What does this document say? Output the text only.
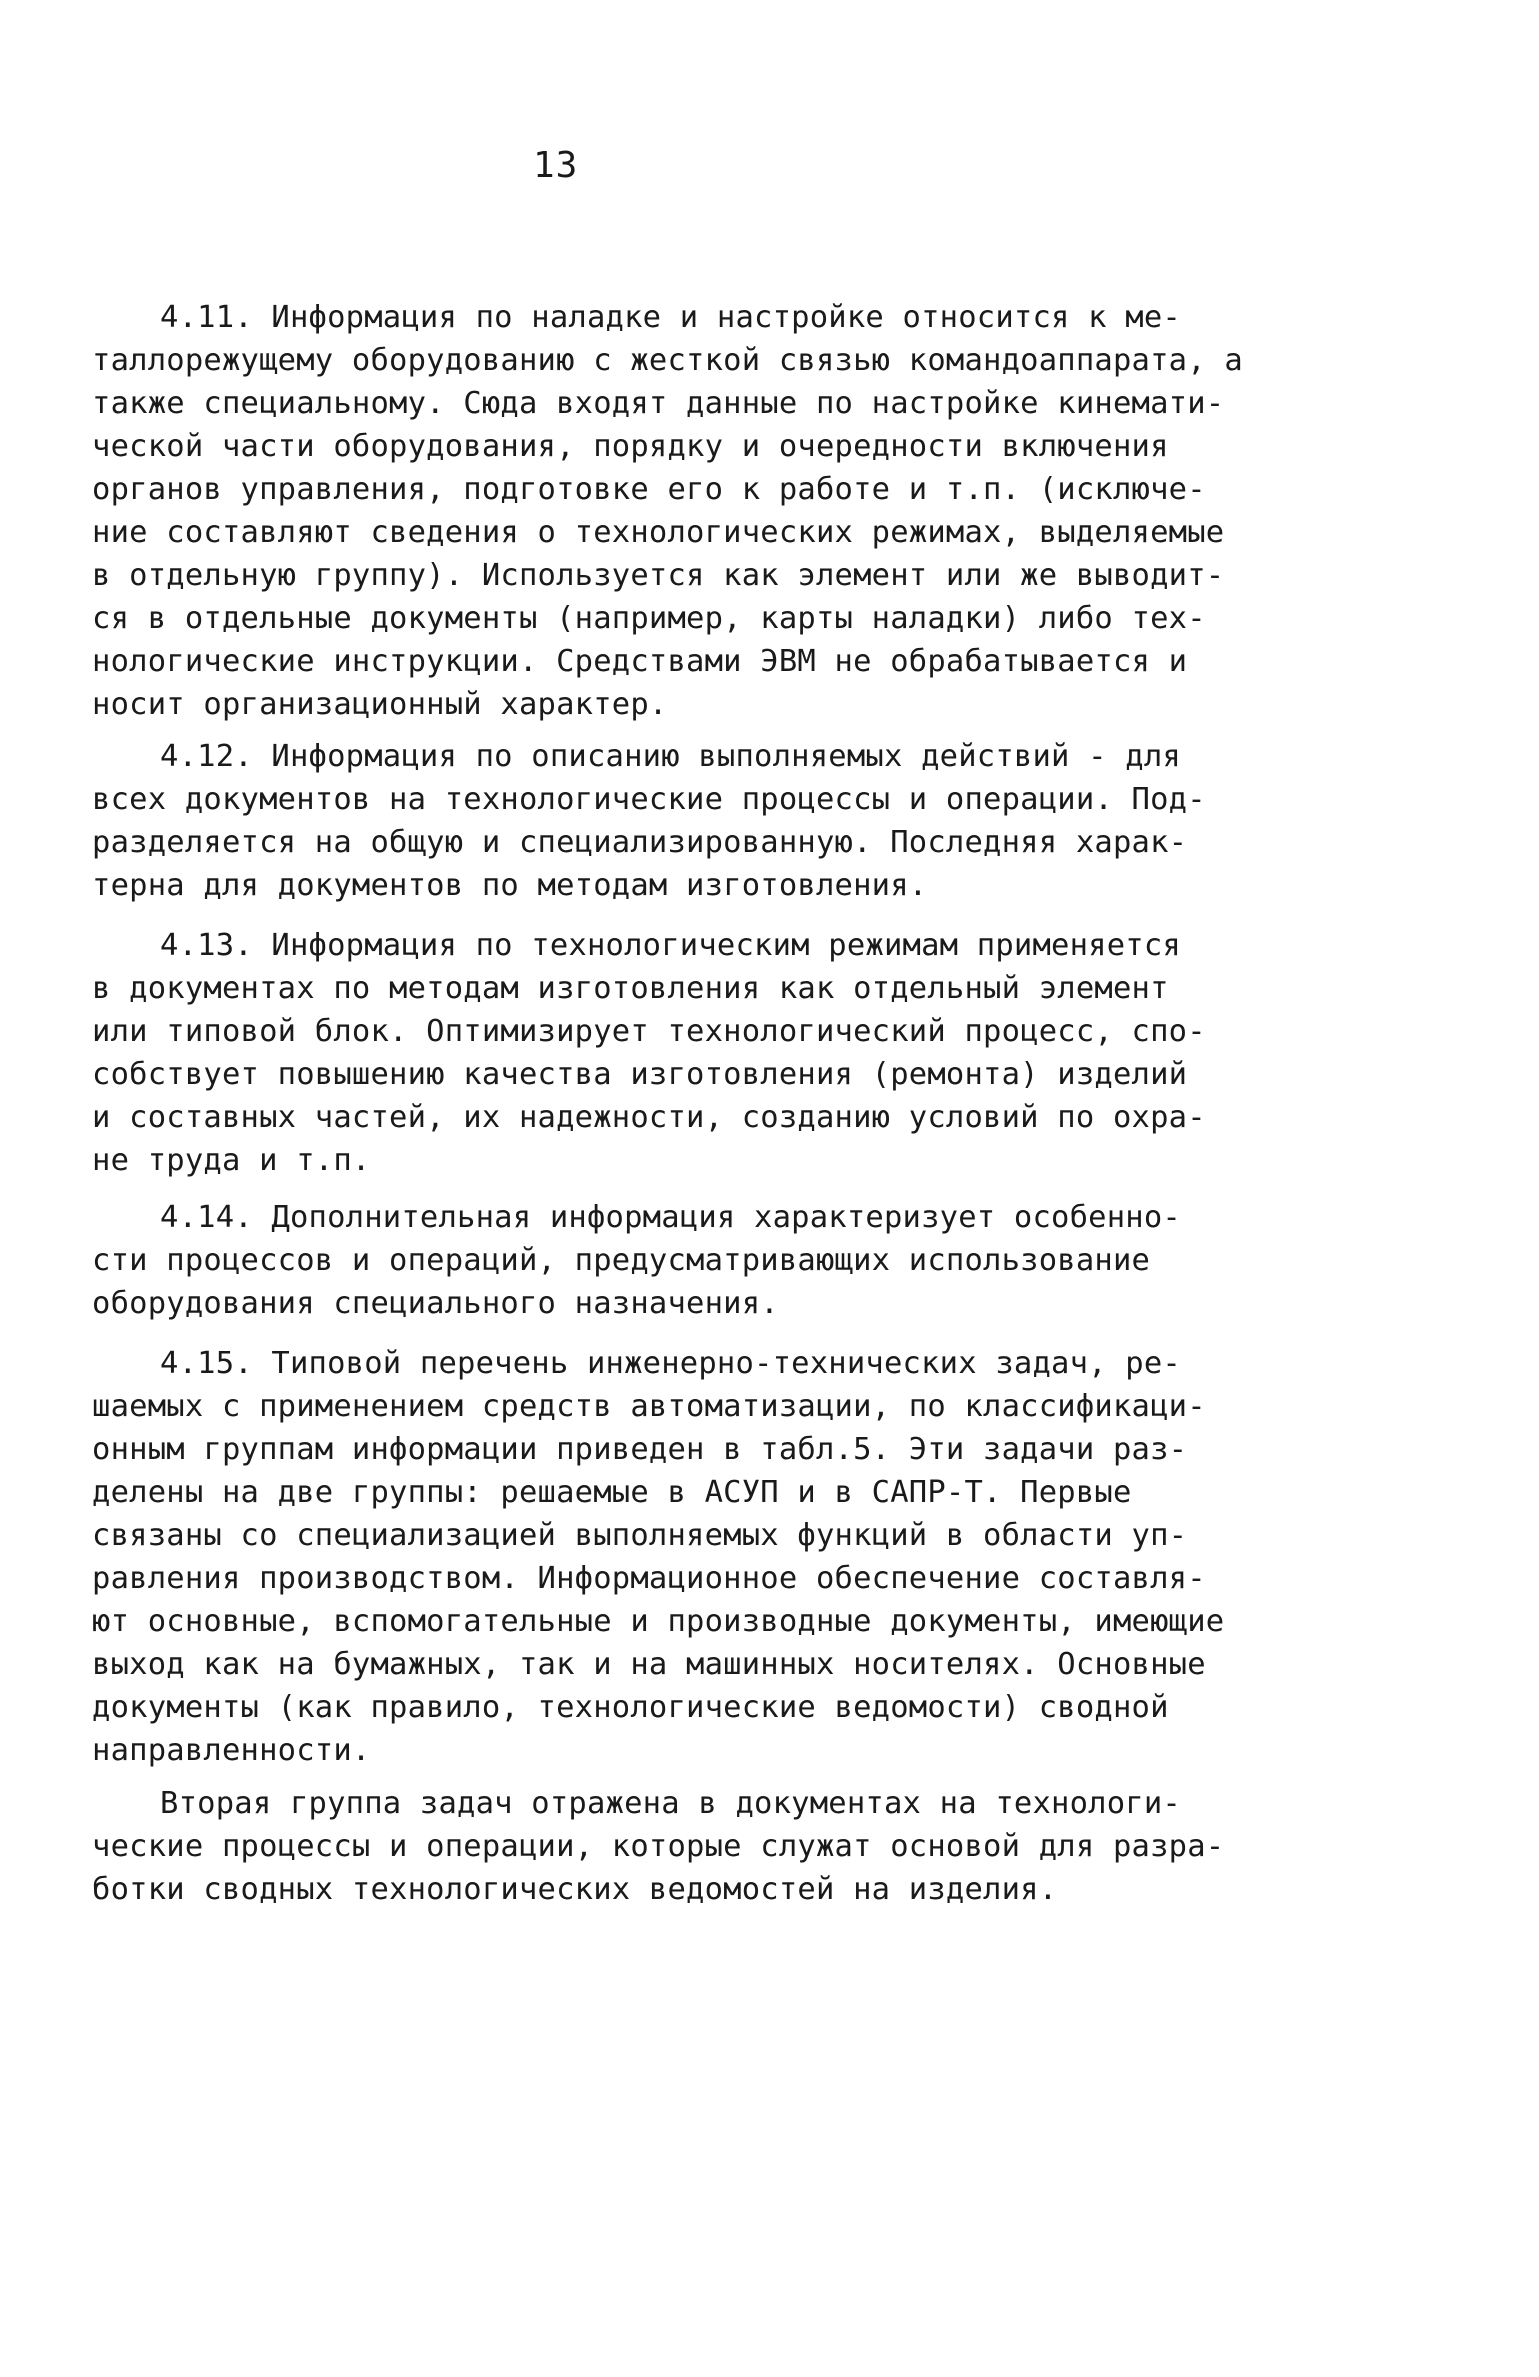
13
4.11. Информация по наладке и настройке относится к ме-
таллорежущему оборудованию с жесткой связью командоаппарата, а
также специальному. Сюда входят данные по настройке кинемати-
ческой части оборудования, порядку и очередности включения
органов управления, подготовке его к работе и т.п. (исключе-
ние составляют сведения о технологических режимах, выделяемые
в отдельную группу). Используется как элемент или же выводит-
ся в отдельные документы (например, карты наладки) либо тех-
нологические инструкции. Средствами ЭВМ не обрабатывается и
носит организационный характер.
4.12. Информация по описанию выполняемых действий - для
всех документов на технологические процессы и операции. Под-
разделяется на общую и специализированную. Последняя харак-
терна для документов по методам изготовления.
4.13. Информация по технологическим режимам применяется
в документах по методам изготовления как отдельный элемент
или типовой блок. Оптимизирует технологический процесс, спо-
собствует повышению качества изготовления (ремонта) изделий
и составных частей, их надежности, созданию условий по охра-
не труда и т.п.
4.14. Дополнительная информация характеризует особенно-
сти процессов и операций, предусматривающих использование
оборудования специального назначения.
4.15. Типовой перечень инженерно-технических задач, ре-
шаемых с применением средств автоматизации, по классификаци-
онным группам информации приведен в табл.5. Эти задачи раз-
делены на две группы: решаемые в АСУП и в САПР-Т. Первые
связаны со специализацией выполняемых функций в области уп-
равления производством. Информационное обеспечение составля-
ют основные, вспомогательные и производные документы, имеющие
выход как на бумажных, так и на машинных носителях. Основные
документы (как правило, технологические ведомости) сводной
направленности.
Вторая группа задач отражена в документах на технологи-
ческие процессы и операции, которые служат основой для разра-
ботки сводных технологических ведомостей на изделия.
